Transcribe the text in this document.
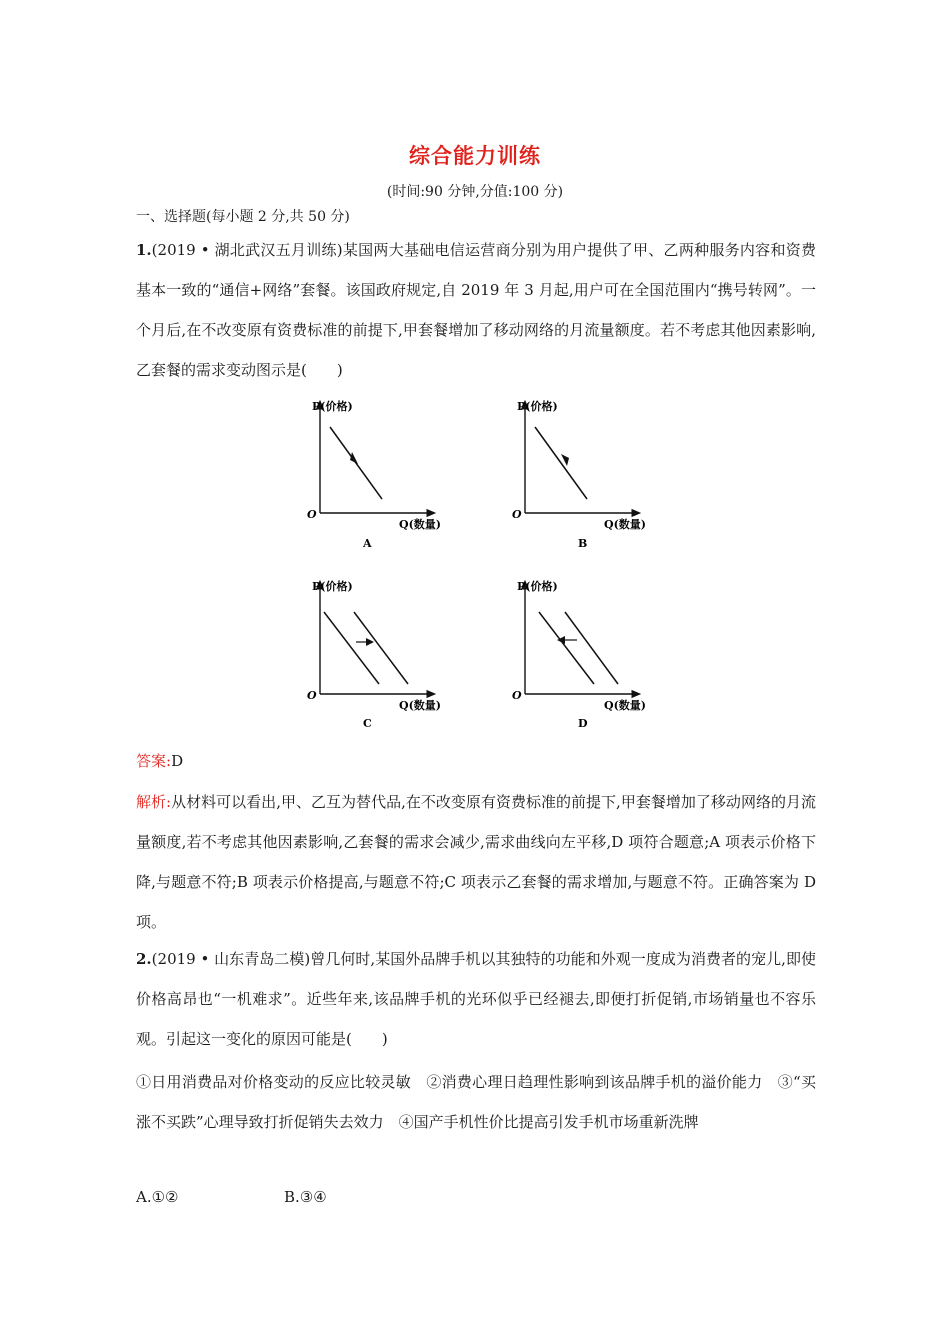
综合能力训练
(时间:90 分钟,分值:100 分)
一、选择题(每小题 2 分,共 50 分)
1.(2019 • 湖北武汉五月训练)某国两大基础电信运营商分别为用户提供了甲、乙两种服务内容和资费基本一致的“通信+网络”套餐。该国政府规定,自 2019 年 3 月起,用户可在全国范围内“携号转网”。一个月后,在不改变原有资费标准的前提下,甲套餐增加了移动网络的月流量额度。若不考虑其他因素影响,乙套餐的需求变动图示是(　　)
P(价格)
O
Q(数量)
A
P(价格)
O
Q(数量)
B
P(价格)
O
Q(数量)
C
P(价格)
O
Q(数量)
D
答案:D
解析:从材料可以看出,甲、乙互为替代品,在不改变原有资费标准的前提下,甲套餐增加了移动网络的月流量额度,若不考虑其他因素影响,乙套餐的需求会减少,需求曲线向左平移,D 项符合题意;A 项表示价格下降,与题意不符;B 项表示价格提高,与题意不符;C 项表示乙套餐的需求增加,与题意不符。正确答案为 D 项。
2.(2019 • 山东青岛二模)曾几何时,某国外品牌手机以其独特的功能和外观一度成为消费者的宠儿,即使价格高昂也“一机难求”。近些年来,该品牌手机的光环似乎已经褪去,即便打折促销,市场销量也不容乐观。引起这一变化的原因可能是(　　)
①日用消费品对价格变动的反应比较灵敏　②消费心理日趋理性影响到该品牌手机的溢价能力　③“买涨不买跌”心理导致打折促销失去效力　④国产手机性价比提高引发手机市场重新洗牌
A.①②	B.③④
